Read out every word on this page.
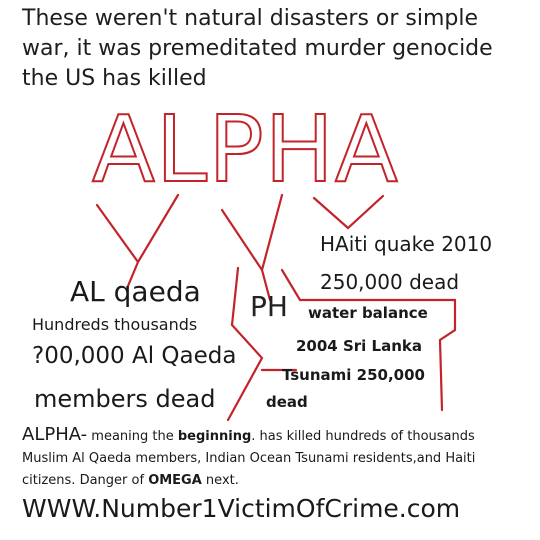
These weren't natural disasters or simple
war, it was premeditated murder genocide
the US has killed
ALPHA
HAiti quake 2010
250,000 dead
AL qaeda PH water balance
Hundreds thousands
2004 Sri Lanka
?00,000 Al Qaeda
Tsunami 250,000
members dead	dead
ALPHA- meaning the beginning. has killed hundreds of thousands Muslim Al Qaeda members, Indian Ocean Tsunami residents,and Haiti citizens. Danger of OMEGA next.
WWW.Number1VictimOfCrime.com
